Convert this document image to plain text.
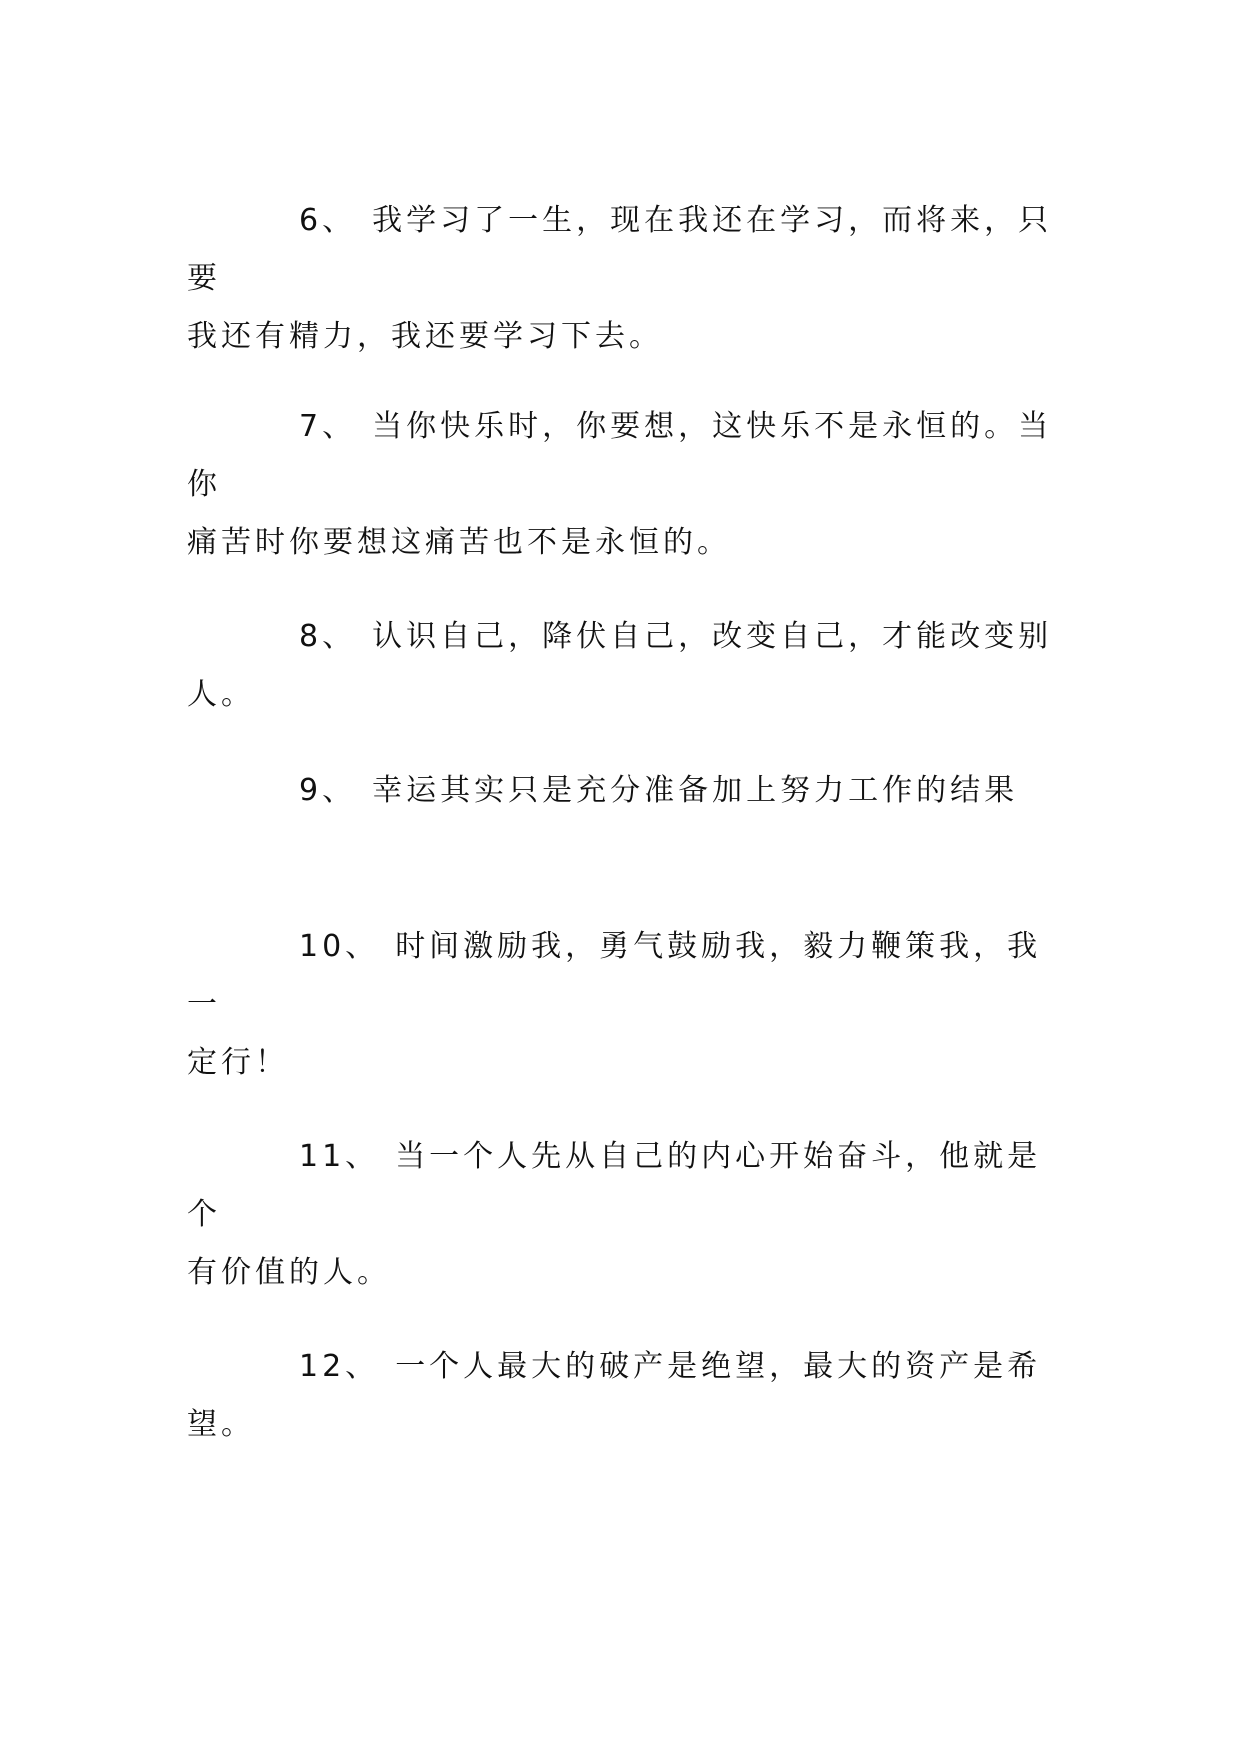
6、 我学习了一生，现在我还在学习，而将来，只要
我还有精力，我还要学习下去。

7、 当你快乐时，你要想，这快乐不是永恒的。当你
痛苦时你要想这痛苦也不是永恒的。

8、 认识自己，降伏自己，改变自己，才能改变别人。

9、 幸运其实只是充分准备加上努力工作的结果

10、 时间激励我，勇气鼓励我，毅力鞭策我，我一
定行！

11、 当一个人先从自己的内心开始奋斗，他就是个
有价值的人。

12、 一个人最大的破产是绝望，最大的资产是希望。
